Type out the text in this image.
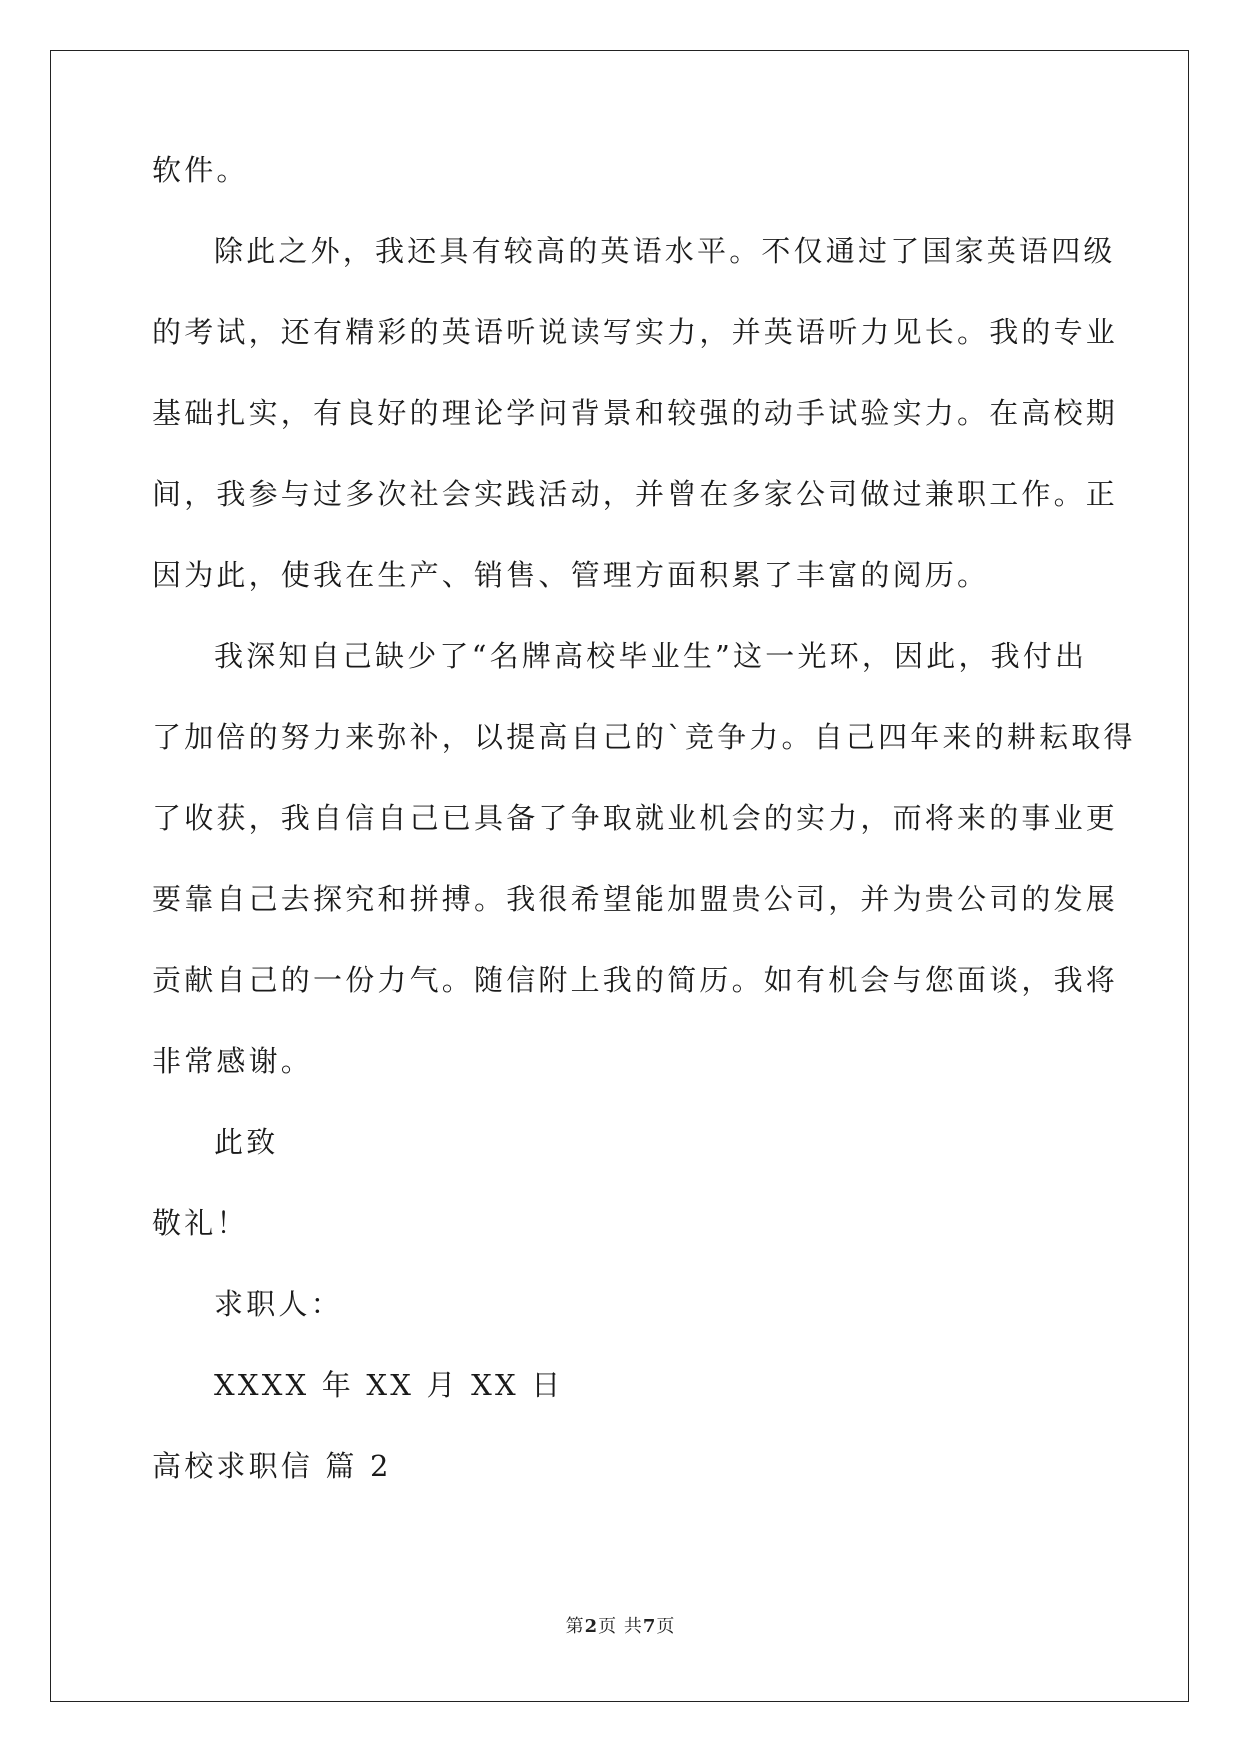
软件。
除此之外，我还具有较高的英语水平。不仅通过了国家英语四级
的考试，还有精彩的英语听说读写实力，并英语听力见长。我的专业
基础扎实，有良好的理论学问背景和较强的动手试验实力。在高校期
间，我参与过多次社会实践活动，并曾在多家公司做过兼职工作。正
因为此，使我在生产、销售、管理方面积累了丰富的阅历。
我深知自己缺少了“名牌高校毕业生”这一光环，因此，我付出
了加倍的努力来弥补，以提高自己的`竞争力。自己四年来的耕耘取得
了收获，我自信自己已具备了争取就业机会的实力，而将来的事业更
要靠自己去探究和拼搏。我很希望能加盟贵公司，并为贵公司的发展
贡献自己的一份力气。随信附上我的简历。如有机会与您面谈，我将
非常感谢。
此致
敬礼！
求职人：
XXXX 年 XX 月 XX 日
高校求职信 篇 2
第2页 共7页
